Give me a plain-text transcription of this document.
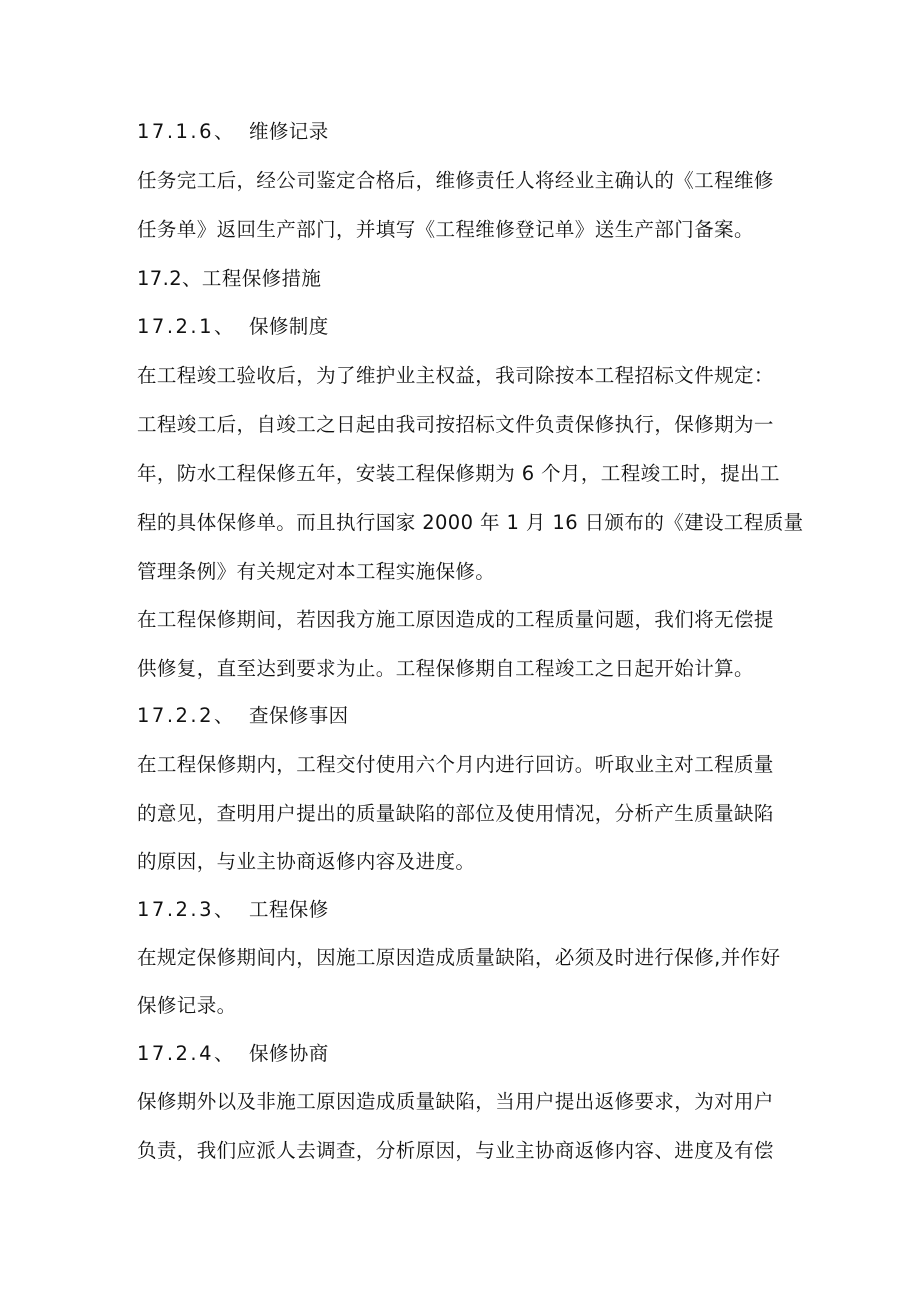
17.1.6、 维修记录
任务完工后，经公司鉴定合格后，维修责任人将经业主确认的《工程维修
任务单》返回生产部门，并填写《工程维修登记单》送生产部门备案。
17.2、工程保修措施
17.2.1、 保修制度
在工程竣工验收后，为了维护业主权益，我司除按本工程招标文件规定：
工程竣工后，自竣工之日起由我司按招标文件负责保修执行，保修期为一
年，防水工程保修五年，安装工程保修期为 6 个月，工程竣工时，提出工
程的具体保修单。而且执行国家 2000 年 1 月 16 日颁布的《建设工程质量
管理条例》有关规定对本工程实施保修。
在工程保修期间，若因我方施工原因造成的工程质量问题，我们将无偿提
供修复，直至达到要求为止。工程保修期自工程竣工之日起开始计算。
17.2.2、 查保修事因
在工程保修期内，工程交付使用六个月内进行回访。听取业主对工程质量
的意见，查明用户提出的质量缺陷的部位及使用情况，分析产生质量缺陷
的原因，与业主协商返修内容及进度。
17.2.3、 工程保修
在规定保修期间内，因施工原因造成质量缺陷，必须及时进行保修,并作好
保修记录。
17.2.4、 保修协商
保修期外以及非施工原因造成质量缺陷，当用户提出返修要求，为对用户
负责，我们应派人去调查，分析原因，与业主协商返修内容、进度及有偿
